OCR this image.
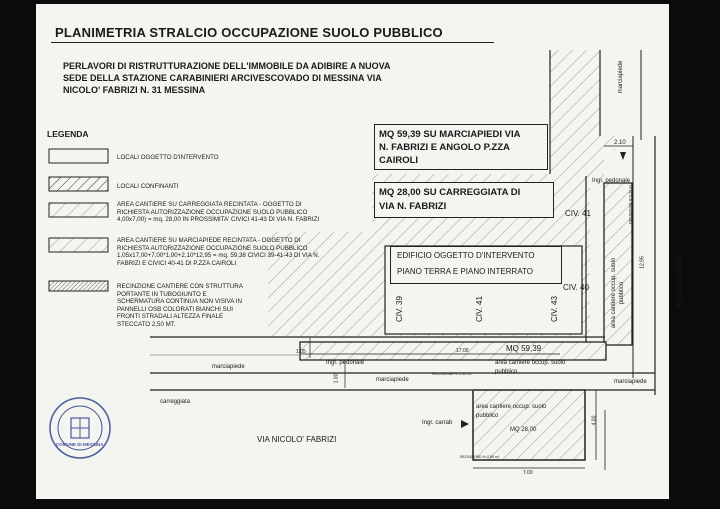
PLANIMETRIA STRALCIO OCCUPAZIONE SUOLO PUBBLICO
PERLAVORI DI RISTRUTTURAZIONE DELL'IMMOBILE DA ADIBIRE A NUOVA
SEDE DELLA STAZIONE CARABINIERI ARCIVESCOVADO DI MESSINA VIA
NICOLO' FABRIZI N. 31 MESSINA
LEGENDA
COMUNE DI MESSINA
LOCALI OGGETTO D'INTERVENTO
LOCALI CONFINANTI
AREA CANTIERE SU CARREGGIATA RECINTATA - OGGETTO DI
RICHIESTA AUTORIZZAZIONE OCCUPAZIONE SUOLO PUBBLICO
4,00x7,00) = mq. 28,00 IN PROSSIMITA' CIVICI 41-43 DI VIA N. FABRIZI
AREA CANTIERE SU MARCIAPIEDE RECINTATA - OGGETTO DI
RICHIESTA AUTORIZZAZIONE OCCUPAZIONE SUOLO PUBBLICO
1,05x17,00+7,00*1,00+2,10*12,95 = mq. 59,38 CIVICI 39-41-43 DI VIA N.
FABRIZI E CIVICI 40-41 DI P.ZZA CAIROLI
RECINZIONE CANTIERE CON STRUTTURA
PORTANTE IN TUBOGIUNTO E
SCHERMATURA CONTINUA NON VISIVA IN
PANNELLI OSB COLORATI BIANCHI SUI
FRONTI STRADALI ALTEZZA FINALE
STECCATO 2,50 MT.
MQ 59,39 SU MARCIAPIEDI VIA
N. FABRIZI E ANGOLO P.ZZA
CAIROLI
MQ 28,00 SU CARREGGIATA DI
VIA N. FABRIZI
EDIFICIO OGGETTO D'INTERVENTO
PIANO TERRA E PIANO INTERRATO
CIV. 39	CIV. 41	CIV. 43
CIV. 41
CIV. 40
marciapiede
2.10
Ingr. pedonale
RECINZIONE H=2,50 ml.
12.95	P.ZZA CAIROLI
area cantiere occup. suolo pubblico
1.05	17.00	MQ 59,39
Ingr. pedonale	area cantiere occup. suolo
pubblico
RECINZIONE H=2,50 ml.
1.00
marciapiede
marciapiede	marciapiede
carreggiata
area cantiere occup. suolo
pubblico
MQ 28,00
Ingr. carrab	4.00
7.00
RECINZIONE H=2,50 ml.
VIA NICOLO' FABRIZI
